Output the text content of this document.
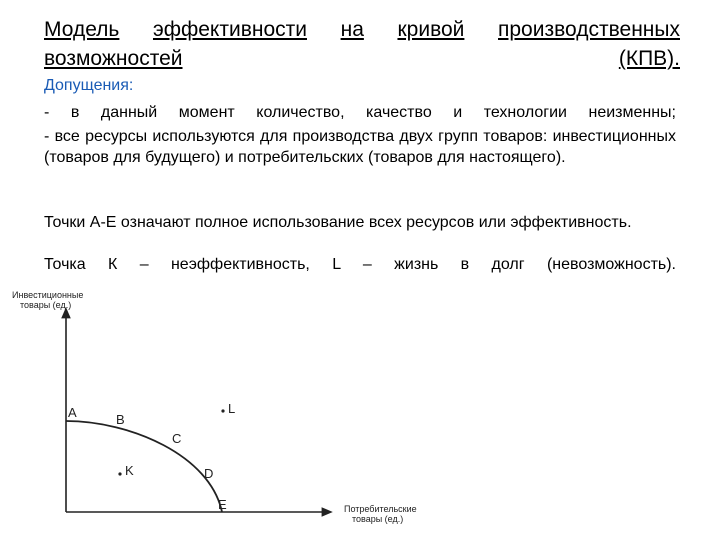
Модель эффективности на кривой производственных
возможностей	(КПВ).
Допущения:
- в данный момент количество, качество и технологии неизменны;
- все ресурсы используются для производства двух групп товаров: инвестиционных (товаров для будущего) и потребительских (товаров для настоящего).
Точки А-Е означают полное использование всех ресурсов или эффективность.
Точка К – неэффективность, L – жизнь в долг (невозможность).
Инвестиционные
товары (ед.)
Потребительские
товары (ед.)
A	B
C
D
E
K
L
